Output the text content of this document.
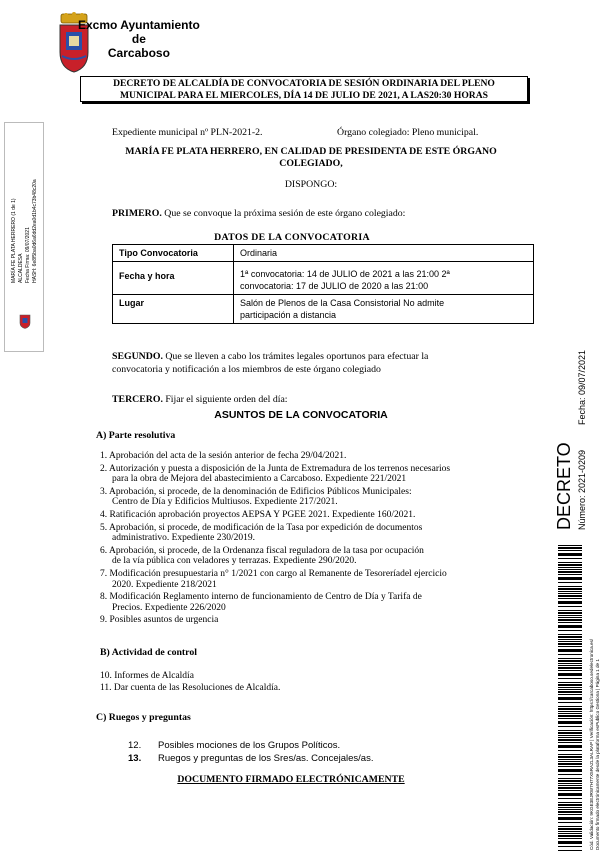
Excmo Ayuntamiento
de
Carcaboso
DECRETO DE ALCALDÍA DE CONVOCATORIA DE SESIÓN ORDINARIA DEL PLENO
MUNICIPAL PARA EL MIERCOLES, DÍA 14 DE JULIO DE 2021, A LAS20:30 HORAS
Expediente municipal nº PLN-2021-2.	Órgano colegiado: Pleno municipal.
MARÍA FE PLATA HERRERO, EN CALIDAD DE PRESIDENTA DE ESTE ÓRGANO
COLEGIADO,
DISPONGO:
PRIMERO. Que se convoque la próxima sesión de este órgano colegiado:
DATOS DE LA CONVOCATORIA
Tipo Convocatoria	Ordinaria

Fecha y hora	1ª convocatoria: 14 de JULIO de 2021 a las 21:00 2ª
convocatoria: 17 de JULIO de 2020 a las 21:00

Lugar	Salón de Plenos de la Casa Consistorial No admite
participación a distancia
SEGUNDO. Que se lleven a cabo los trámites legales oportunos para efectuar la
convocatoria y notificación a los miembros de este órgano colegiado
TERCERO. Fijar el siguiente orden del día:
ASUNTOS DE LA CONVOCATORIA
A) Parte resolutiva
1. Aprobación del acta de la sesión anterior de fecha 29/04/2021.
2. Autorización y puesta a disposición de la Junta de Extremadura de los terrenos necesarios
para la obra de Mejora del abastecimiento a Carcaboso. Expediente 221/2021
3. Aprobación, si procede, de la denominación de Edificios Públicos Municipales:
Centro de Día y Edificios Multiusos. Expediente 217/2021.
4. Ratificación aprobación proyectos AEPSA Y PGEE 2021. Expediente 160/2021.
5. Aprobación, si procede, de modificación de la Tasa por expedición de documentos
administrativo. Expediente 230/2019.
6. Aprobación, si procede, de la Ordenanza fiscal reguladora de la tasa por ocupación
de la vía pública con veladores y terrazas. Expediente 290/2020.
7. Modificación presupuestaria n° 1/2021 con cargo al Remanente de Tesoreríadel ejercicio
2020. Expediente 218/2021
8. Modificación Reglamento interno de funcionamiento de Centro de Día y Tarifa de
Precios. Expediente 226/2020
9. Posibles asuntos de urgencia
B) Actividad de control
10. Informes de Alcaldía
11. Dar cuenta de las Resoluciones de Alcaldía.
C) Ruegos y preguntas
12. Posibles mociones de los Grupos Políticos.
13. Ruegos y preguntas de los Sres/as. Concejales/as.
DOCUMENTO FIRMADO ELECTRÓNICAMENTE
MARÍA FE PLATA HERRERO (1 de 1) ALCALDESA Fecha Firma: 09/07/2021 HASH: 6e8f5ba0d6a6dd2ea0d1b4c73b48c20a
DECRETO Número: 2021-0209
Fecha: 09/07/2021
Cód. Validación: 9KGE3EJRW7H77X5RAZL3ALRAP | Verificación: https://carcaboso.sedelectronica.es/ Documento firmado electrónicamente desde la plataforma esPublico Gestiona | Página 1 de 1
